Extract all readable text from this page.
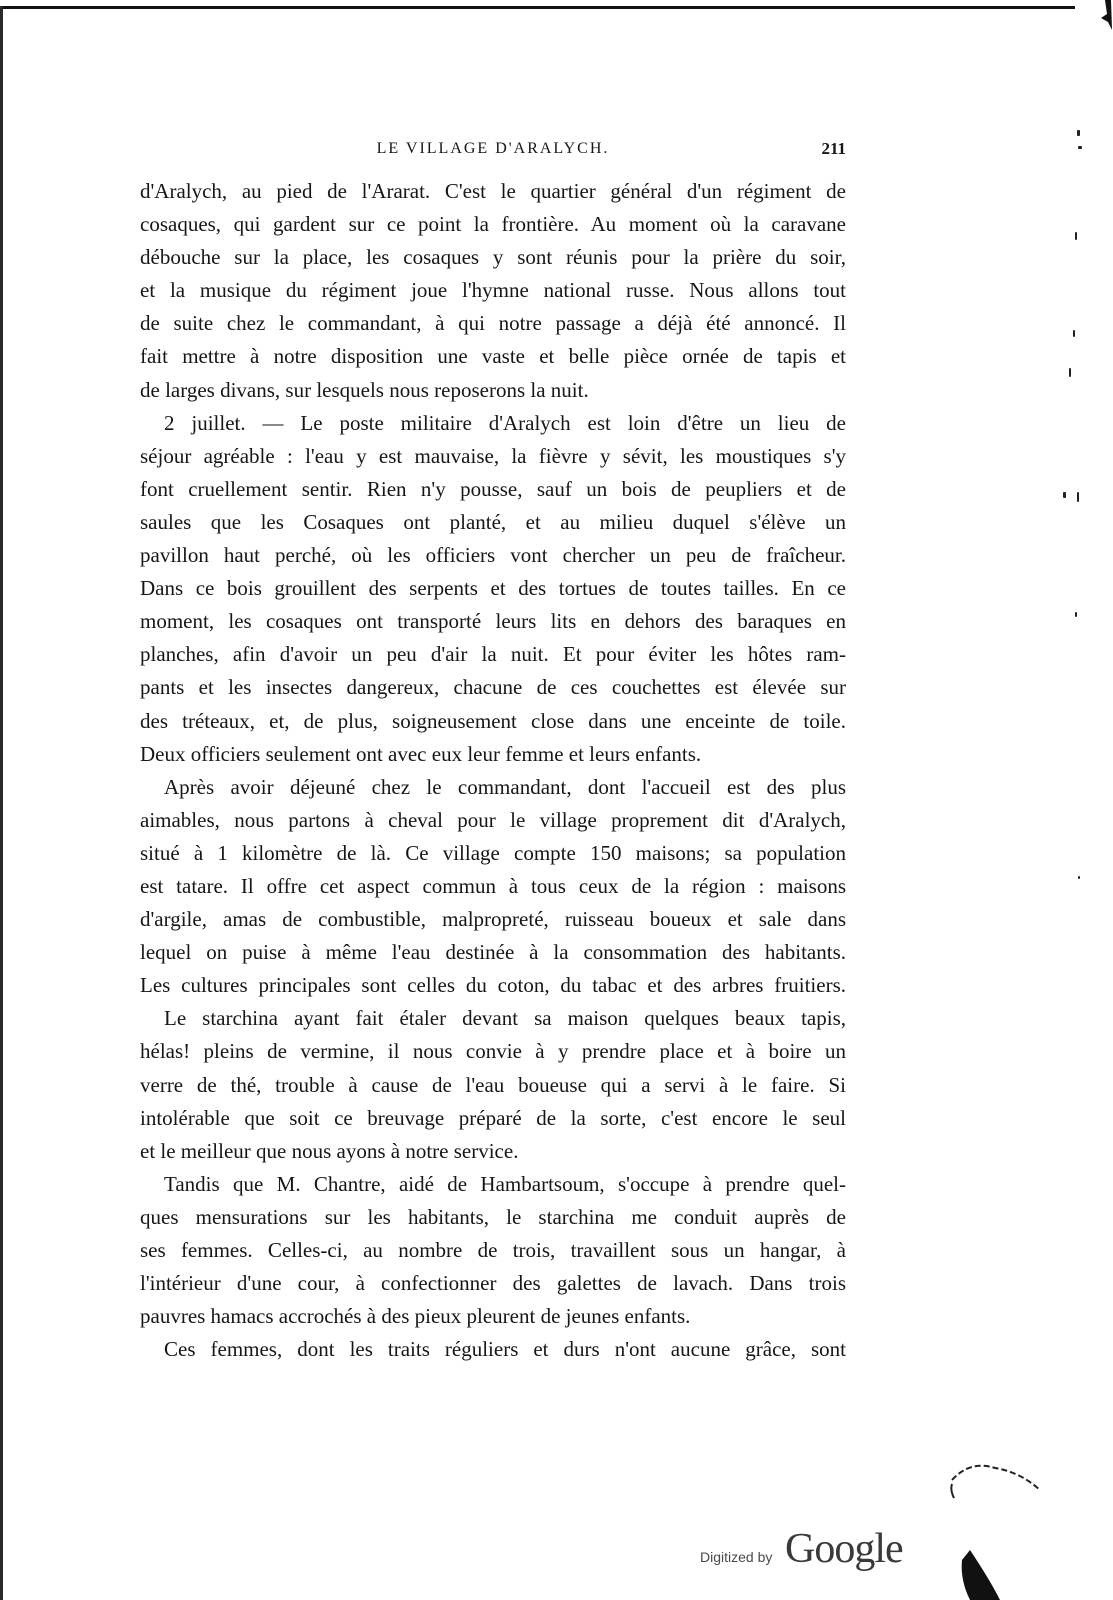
LE VILLAGE D'ARALYCH.	211
d'Aralych, au pied de l'Ararat. C'est le quartier général d'un régiment de
cosaques, qui gardent sur ce point la frontière. Au moment où la caravane
débouche sur la place, les cosaques y sont réunis pour la prière du soir,
et la musique du régiment joue l'hymne national russe. Nous allons tout
de suite chez le commandant, à qui notre passage a déjà été annoncé. Il
fait mettre à notre disposition une vaste et belle pièce ornée de tapis et
de larges divans, sur lesquels nous reposerons la nuit.
2 juillet. — Le poste militaire d'Aralych est loin d'être un lieu de
séjour agréable : l'eau y est mauvaise, la fièvre y sévit, les moustiques s'y
font cruellement sentir. Rien n'y pousse, sauf un bois de peupliers et de
saules que les Cosaques ont planté, et au milieu duquel s'élève un
pavillon haut perché, où les officiers vont chercher un peu de fraîcheur.
Dans ce bois grouillent des serpents et des tortues de toutes tailles. En ce
moment, les cosaques ont transporté leurs lits en dehors des baraques en
planches, afin d'avoir un peu d'air la nuit. Et pour éviter les hôtes ram-
pants et les insectes dangereux, chacune de ces couchettes est élevée sur
des tréteaux, et, de plus, soigneusement close dans une enceinte de toile.
Deux officiers seulement ont avec eux leur femme et leurs enfants.
Après avoir déjeuné chez le commandant, dont l'accueil est des plus
aimables, nous partons à cheval pour le village proprement dit d'Aralych,
situé à 1 kilomètre de là. Ce village compte 150 maisons; sa population
est tatare. Il offre cet aspect commun à tous ceux de la région : maisons
d'argile, amas de combustible, malpropreté, ruisseau boueux et sale dans
lequel on puise à même l'eau destinée à la consommation des habitants.
Les cultures principales sont celles du coton, du tabac et des arbres fruitiers.
Le starchina ayant fait étaler devant sa maison quelques beaux tapis,
hélas! pleins de vermine, il nous convie à y prendre place et à boire un
verre de thé, trouble à cause de l'eau boueuse qui a servi à le faire. Si
intolérable que soit ce breuvage préparé de la sorte, c'est encore le seul
et le meilleur que nous ayons à notre service.
Tandis que M. Chantre, aidé de Hambartsoum, s'occupe à prendre quel-
ques mensurations sur les habitants, le starchina me conduit auprès de
ses femmes. Celles-ci, au nombre de trois, travaillent sous un hangar, à
l'intérieur d'une cour, à confectionner des galettes de lavach. Dans trois
pauvres hamacs accrochés à des pieux pleurent de jeunes enfants.
Ces femmes, dont les traits réguliers et durs n'ont aucune grâce, sont
Digitized by Google
